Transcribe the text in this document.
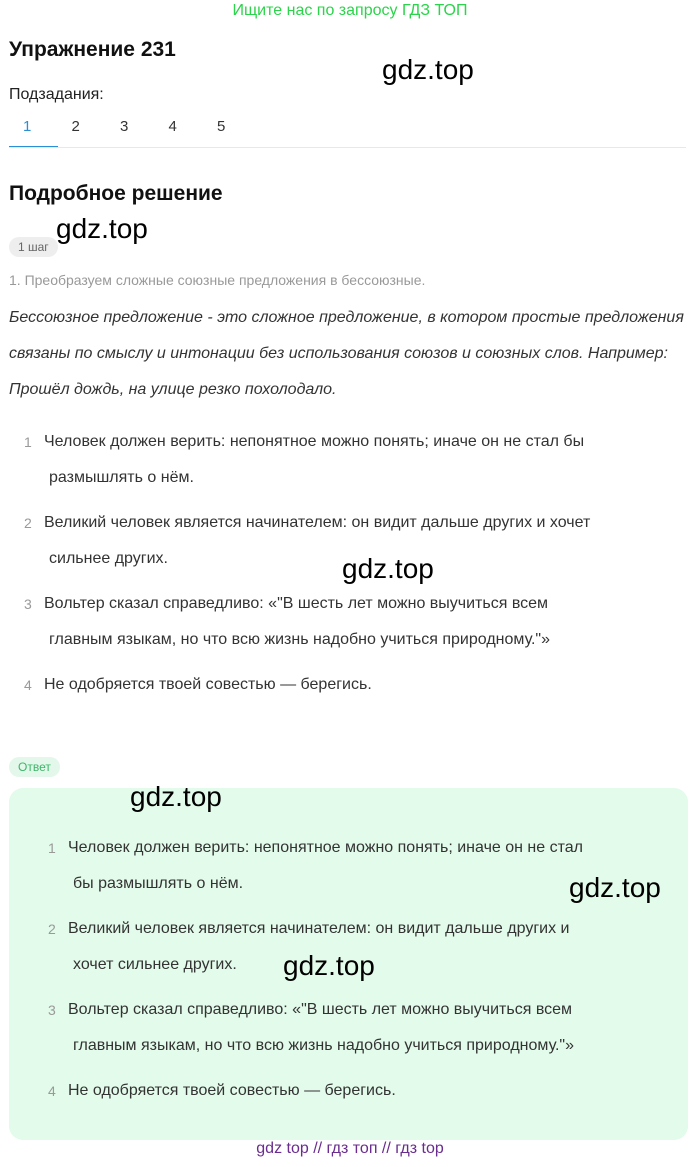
Ищите нас по запросу ГДЗ ТОП
Упражнение 231
gdz.top
Подзадания:
1	2	3	4	5
Подробное решение
gdz.top
1 шаг
1. Преобразуем сложные союзные предложения в бессоюзные.
Бессоюзное предложение - это сложное предложение, в котором простые предложения связаны по смыслу и интонации без использования союзов и союзных слов. Например: Прошёл дождь, на улице резко похолодало.
1 Человек должен верить: непонятное можно понять; иначе он не стал бы
размышлять о нём.
2 Великий человек является начинателем: он видит дальше других и хочет
сильнее других.
3 Вольтер сказал справедливо: «"В шесть лет можно выучиться всем
главным языкам, но что всю жизнь надобно учиться природному."»
4 Не одобряется твоей совестью — берегись.
gdz.top
Ответ
gdz.top
gdz.top
1 Человек должен верить: непонятное можно понять; иначе он не стал
бы размышлять о нём.
2 Великий человек является начинателем: он видит дальше других и
хочет сильнее других.
3 Вольтер сказал справедливо: «"В шесть лет можно выучиться всем
главным языкам, но что всю жизнь надобно учиться природному."»
4 Не одобряется твоей совестью — берегись.
gdz.top
gdz top // гдз топ // гдз top
